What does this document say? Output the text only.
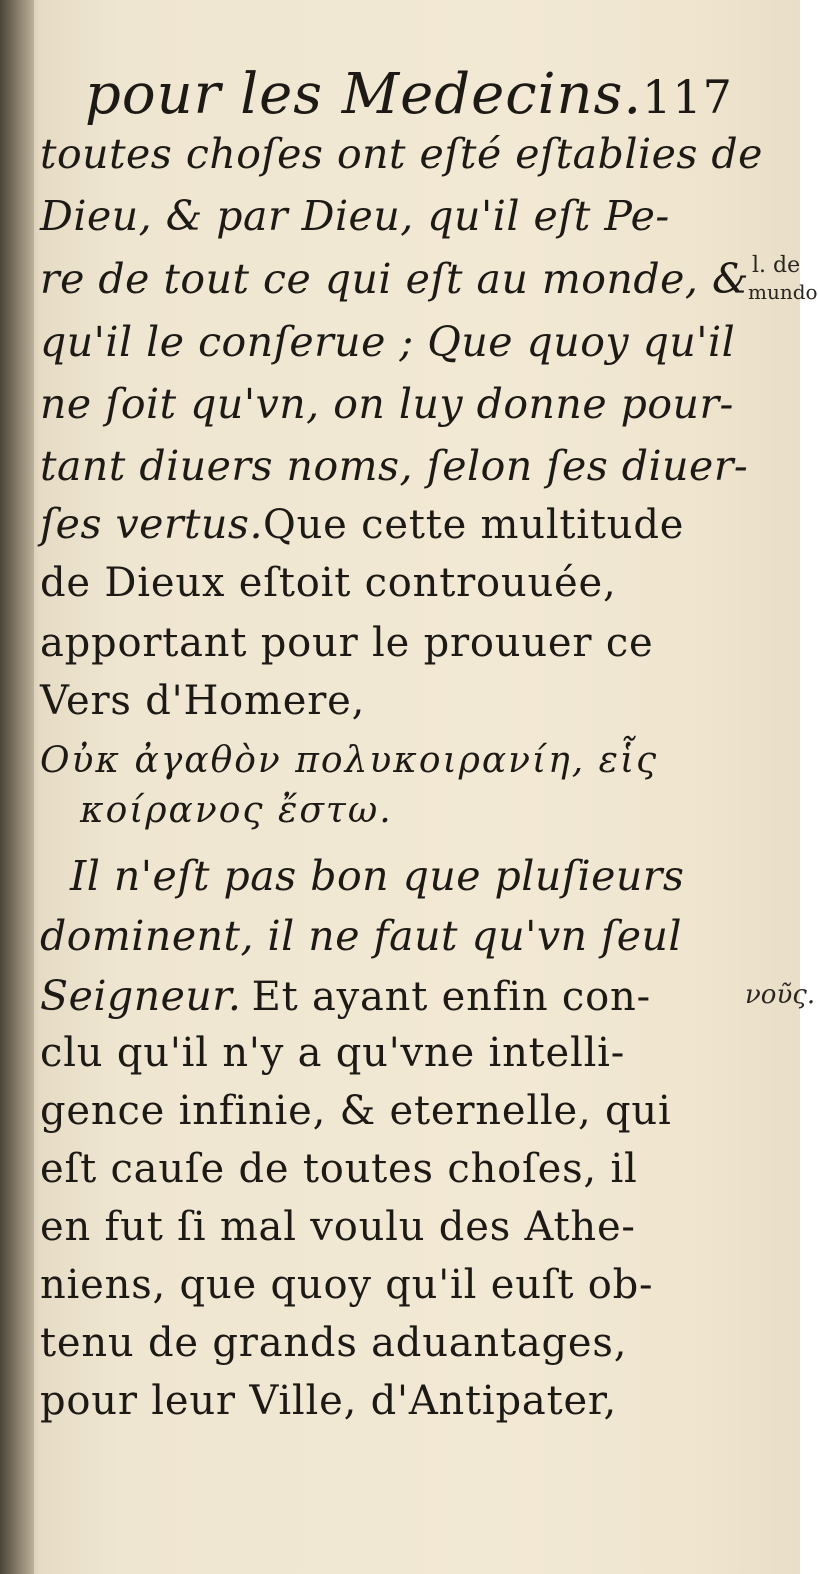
pour les Medecins.117
toutes choſes ont eſté eſtablies de
Dieu, & par Dieu, qu'il eſt Pe-
re de tout ce qui eſt au monde, &
qu'il le conſerue ; Que quoy qu'il
ne ſoit qu'vn, on luy donne pour-
tant diuers noms, ſelon ſes diuer-
ſes vertus.Que cette multitude
de Dieux eſtoit controuuée,
apportant pour le prouuer ce
Vers d'Homere,
Οὐκ ἀγαθὸν πολυκοιρανίη, εἷς
κοίρανος ἔστω.
Il n'eſt pas bon que pluſieurs
dominent, il ne faut qu'vn ſeul
Seigneur. Et ayant enfin con-
clu qu'il n'y a qu'vne intelli-
gence infinie, & eternelle, qui
eſt cauſe de toutes choſes, il
en fut ſi mal voulu des Athe-
niens, que quoy qu'il euſt ob-
tenu de grands aduantages,
pour leur Ville, d'Antipater,
l. de
mundo
νοῦς.
